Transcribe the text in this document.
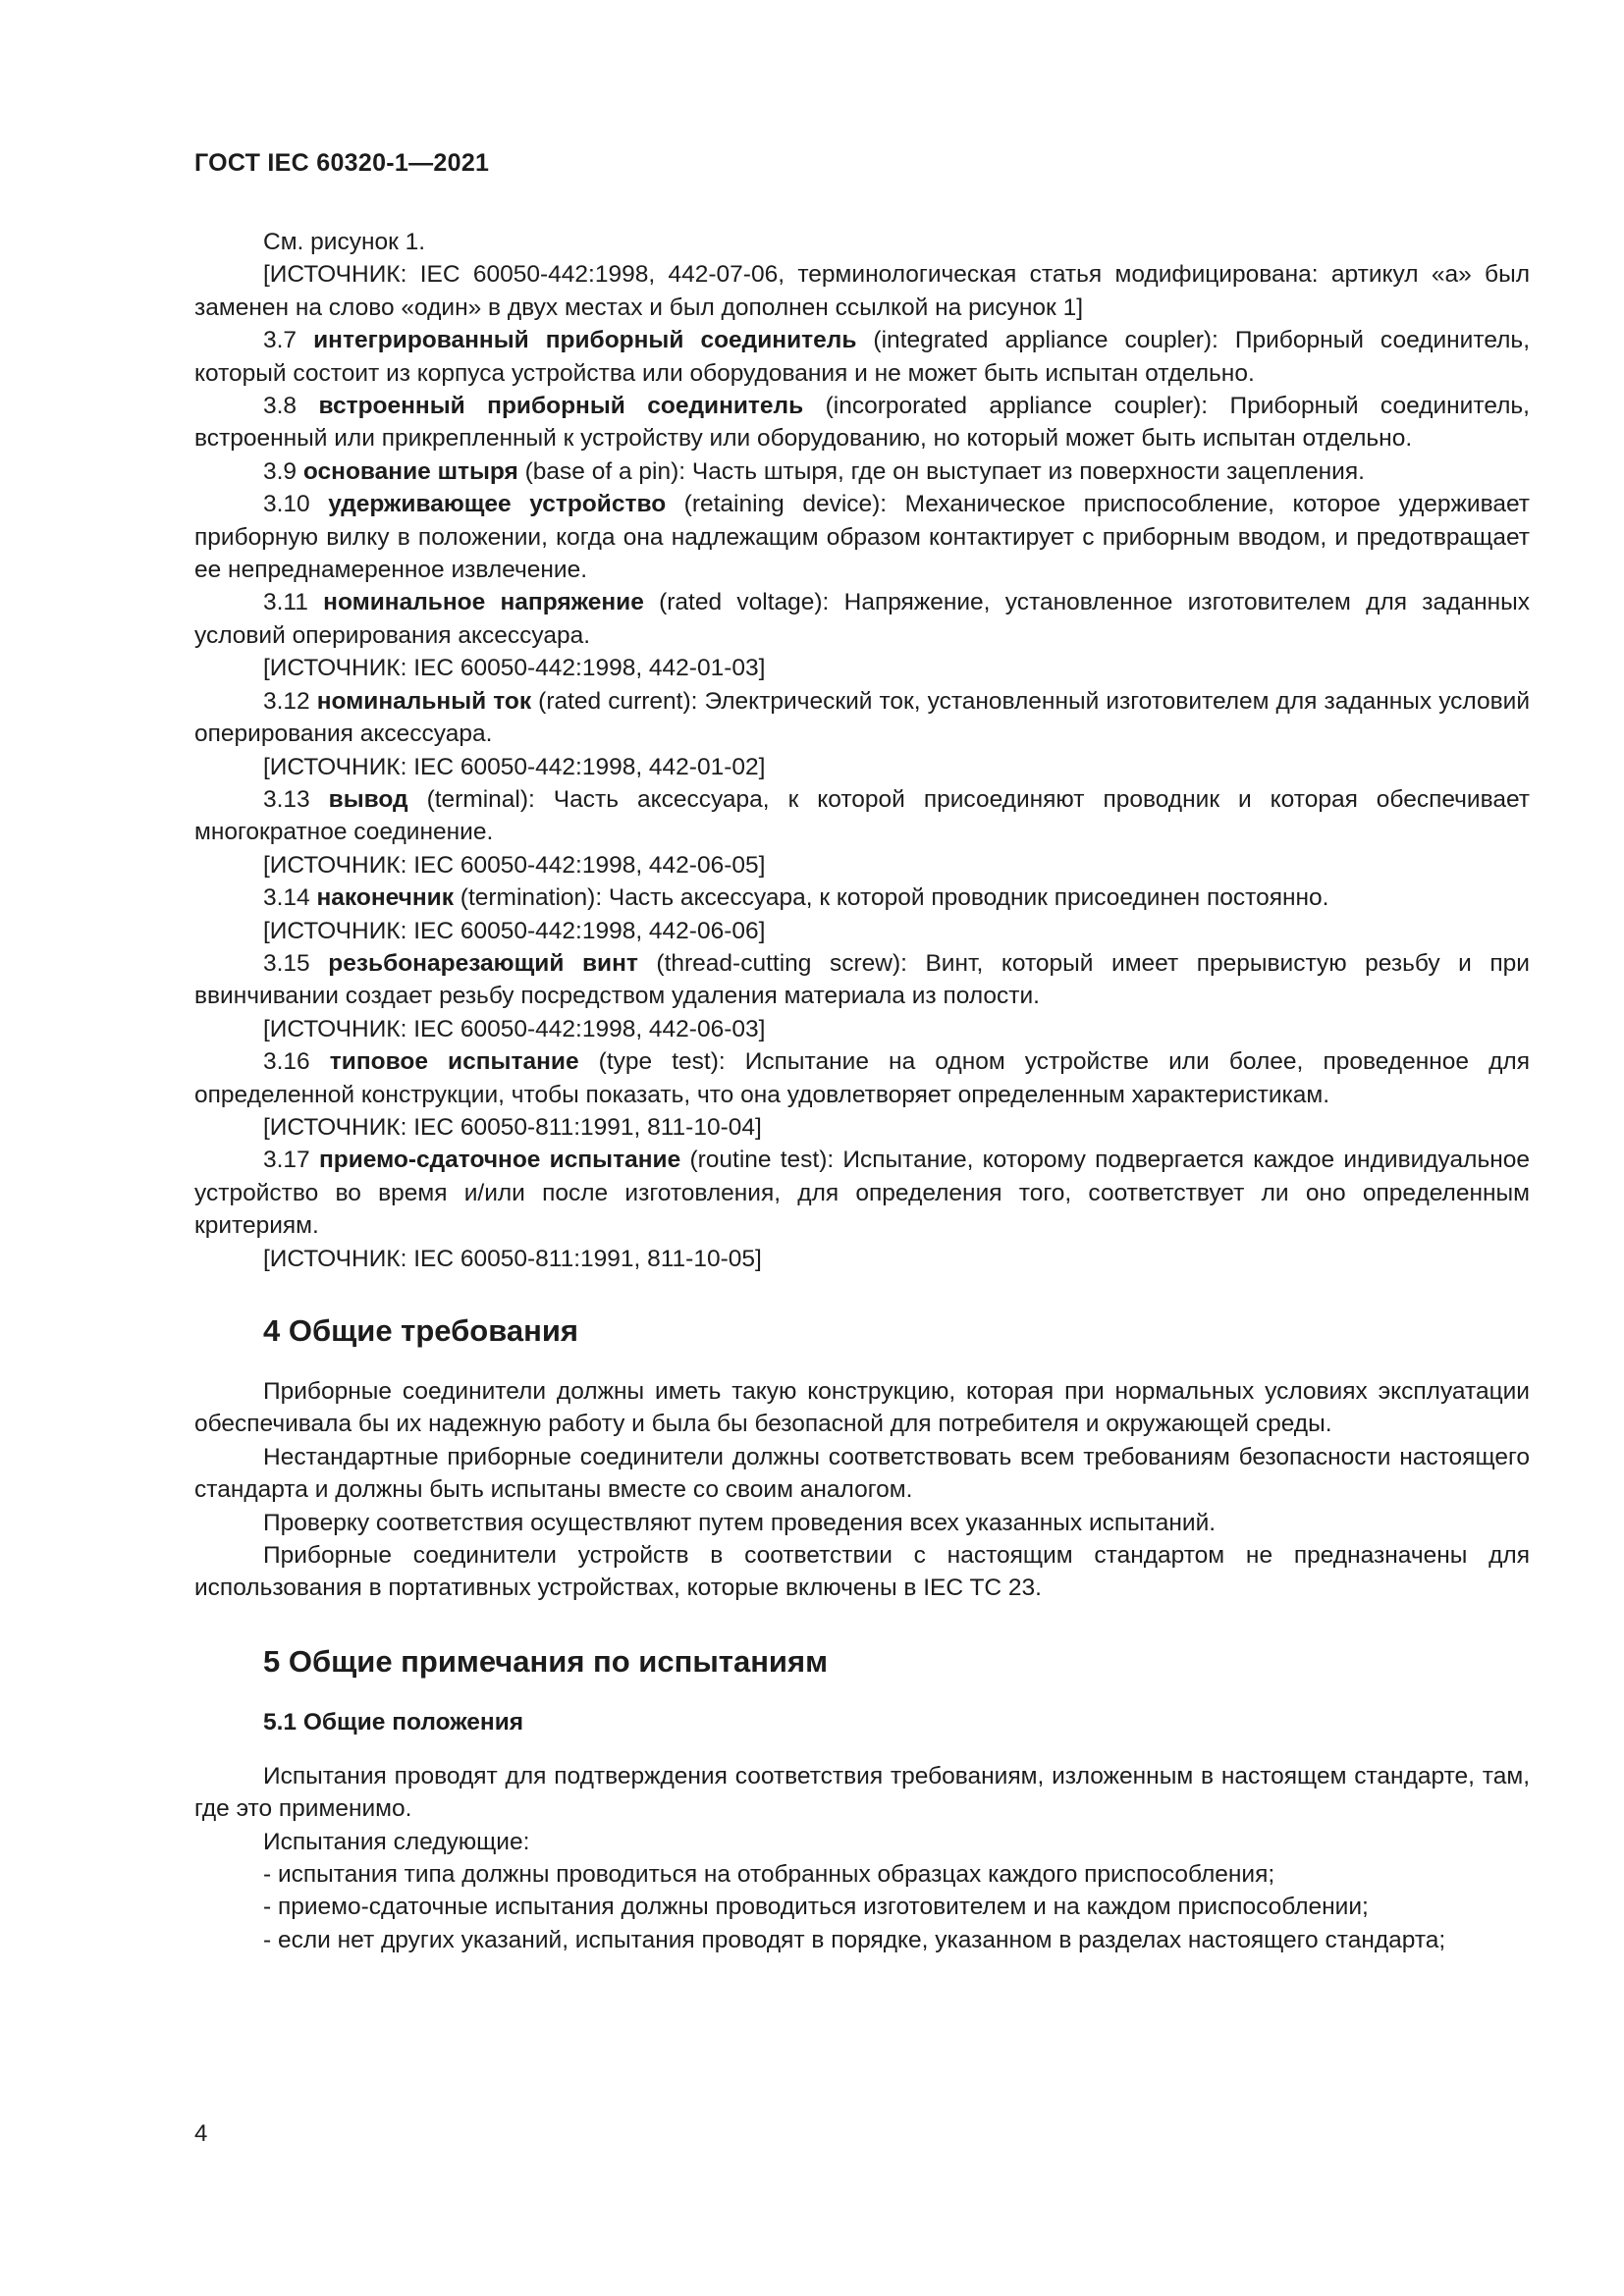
ГОСТ IEC 60320-1—2021

См. рисунок 1.

[ИСТОЧНИК: IEC 60050-442:1998, 442-07-06, терминологическая статья модифицирована: артикул «а» был заменен на слово «один» в двух местах и был дополнен ссылкой на рисунок 1]

3.7 интегрированный приборный соединитель (integrated appliance coupler): Приборный соединитель, который состоит из корпуса устройства или оборудования и не может быть испытан отдельно.

3.8 встроенный приборный соединитель (incorporated appliance coupler): Приборный соединитель, встроенный или прикрепленный к устройству или оборудованию, но который может быть испытан отдельно.

3.9 основание штыря (base of a pin): Часть штыря, где он выступает из поверхности зацепления.

3.10 удерживающее устройство (retaining device): Механическое приспособление, которое удерживает приборную вилку в положении, когда она надлежащим образом контактирует с приборным вводом, и предотвращает ее непреднамеренное извлечение.

3.11 номинальное напряжение (rated voltage): Напряжение, установленное изготовителем для заданных условий оперирования аксессуара.

[ИСТОЧНИК: IEC 60050-442:1998, 442-01-03]

3.12 номинальный ток (rated current): Электрический ток, установленный изготовителем для заданных условий оперирования аксессуара.

[ИСТОЧНИК: IEC 60050-442:1998, 442-01-02]

3.13 вывод (terminal): Часть аксессуара, к которой присоединяют проводник и которая обеспечивает многократное соединение.

[ИСТОЧНИК: IEC 60050-442:1998, 442-06-05]

3.14 наконечник (termination): Часть аксессуара, к которой проводник присоединен постоянно.

[ИСТОЧНИК: IEC 60050-442:1998, 442-06-06]

3.15 резьбонарезающий винт (thread-cutting screw): Винт, который имеет прерывистую резьбу и при ввинчивании создает резьбу посредством удаления материала из полости.

[ИСТОЧНИК: IEC 60050-442:1998, 442-06-03]

3.16 типовое испытание (type test): Испытание на одном устройстве или более, проведенное для определенной конструкции, чтобы показать, что она удовлетворяет определенным характеристикам.

[ИСТОЧНИК: IEC 60050-811:1991, 811-10-04]

3.17 приемо-сдаточное испытание (routine test): Испытание, которому подвергается каждое индивидуальное устройство во время и/или после изготовления, для определения того, соответствует ли оно определенным критериям.

[ИСТОЧНИК: IEC 60050-811:1991, 811-10-05]

4 Общие требования

Приборные соединители должны иметь такую конструкцию, которая при нормальных условиях эксплуатации обеспечивала бы их надежную работу и была бы безопасной для потребителя и окружающей среды.

Нестандартные приборные соединители должны соответствовать всем требованиям безопасности настоящего стандарта и должны быть испытаны вместе со своим аналогом.

Проверку соответствия осуществляют путем проведения всех указанных испытаний.

Приборные соединители устройств в соответствии с настоящим стандартом не предназначены для использования в портативных устройствах, которые включены в IEC TC 23.

5 Общие примечания по испытаниям
5.1 Общие положения

Испытания проводят для подтверждения соответствия требованиям, изложенным в настоящем стандарте, там, где это применимо.

Испытания следующие:

- испытания типа должны проводиться на отобранных образцах каждого приспособления;

- приемо-сдаточные испытания должны проводиться изготовителем и на каждом приспособлении;

- если нет других указаний, испытания проводят в порядке, указанном в разделах настоящего стандарта;

4
